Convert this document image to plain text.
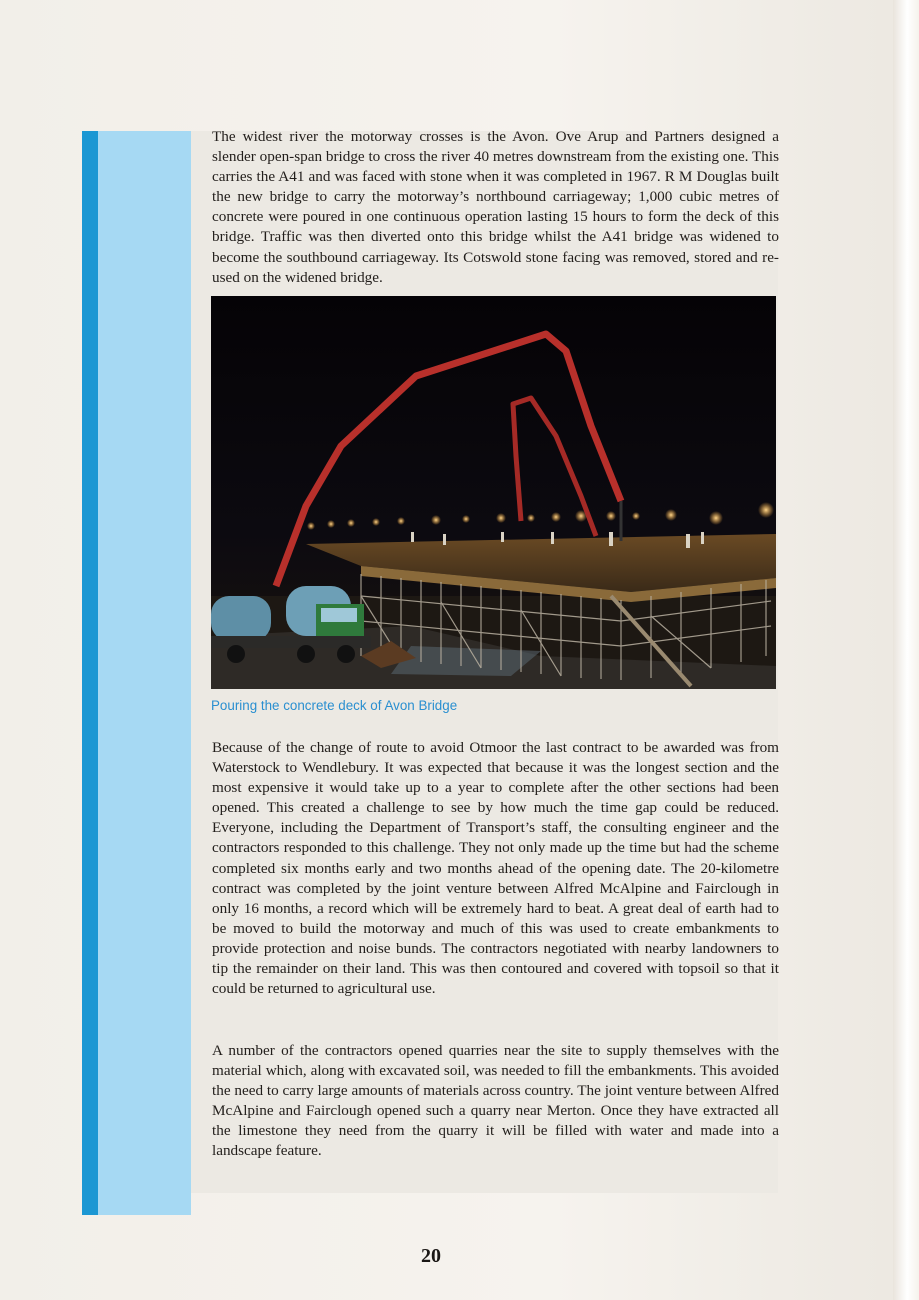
The widest river the motorway crosses is the Avon. Ove Arup and Partners designed a slender open-span bridge to cross the river 40 metres downstream from the existing one. This carries the A41 and was faced with stone when it was completed in 1967. R M Douglas built the new bridge to carry the motorway’s northbound carriageway; 1,000 cubic metres of concrete were poured in one continuous operation lasting 15 hours to form the deck of this bridge. Traffic was then diverted onto this bridge whilst the A41 bridge was widened to become the southbound carriageway. Its Cotswold stone facing was removed, stored and re-used on the widened bridge.

Pouring the concrete deck of Avon Bridge

Because of the change of route to avoid Otmoor the last contract to be awarded was from Waterstock to Wendlebury. It was expected that because it was the longest section and the most expensive it would take up to a year to complete after the other sections had been opened. This created a challenge to see by how much the time gap could be reduced. Everyone, including the Department of Transport’s staff, the consulting engineer and the contractors responded to this challenge. They not only made up the time but had the scheme completed six months early and two months ahead of the opening date. The 20-kilometre contract was completed by the joint venture between Alfred McAlpine and Fairclough in only 16 months, a record which will be extremely hard to beat. A great deal of earth had to be moved to build the motorway and much of this was used to create embankments to provide protection and noise bunds. The contractors negotiated with nearby landowners to tip the remainder on their land. This was then contoured and covered with topsoil so that it could be returned to agricultural use.

A number of the contractors opened quarries near the site to supply themselves with the material which, along with excavated soil, was needed to fill the embankments. This avoided the need to carry large amounts of materials across country. The joint venture between Alfred McAlpine and Fairclough opened such a quarry near Merton. Once they have extracted all the limestone they need from the quarry it will be filled with water and made into a landscape feature.

20
